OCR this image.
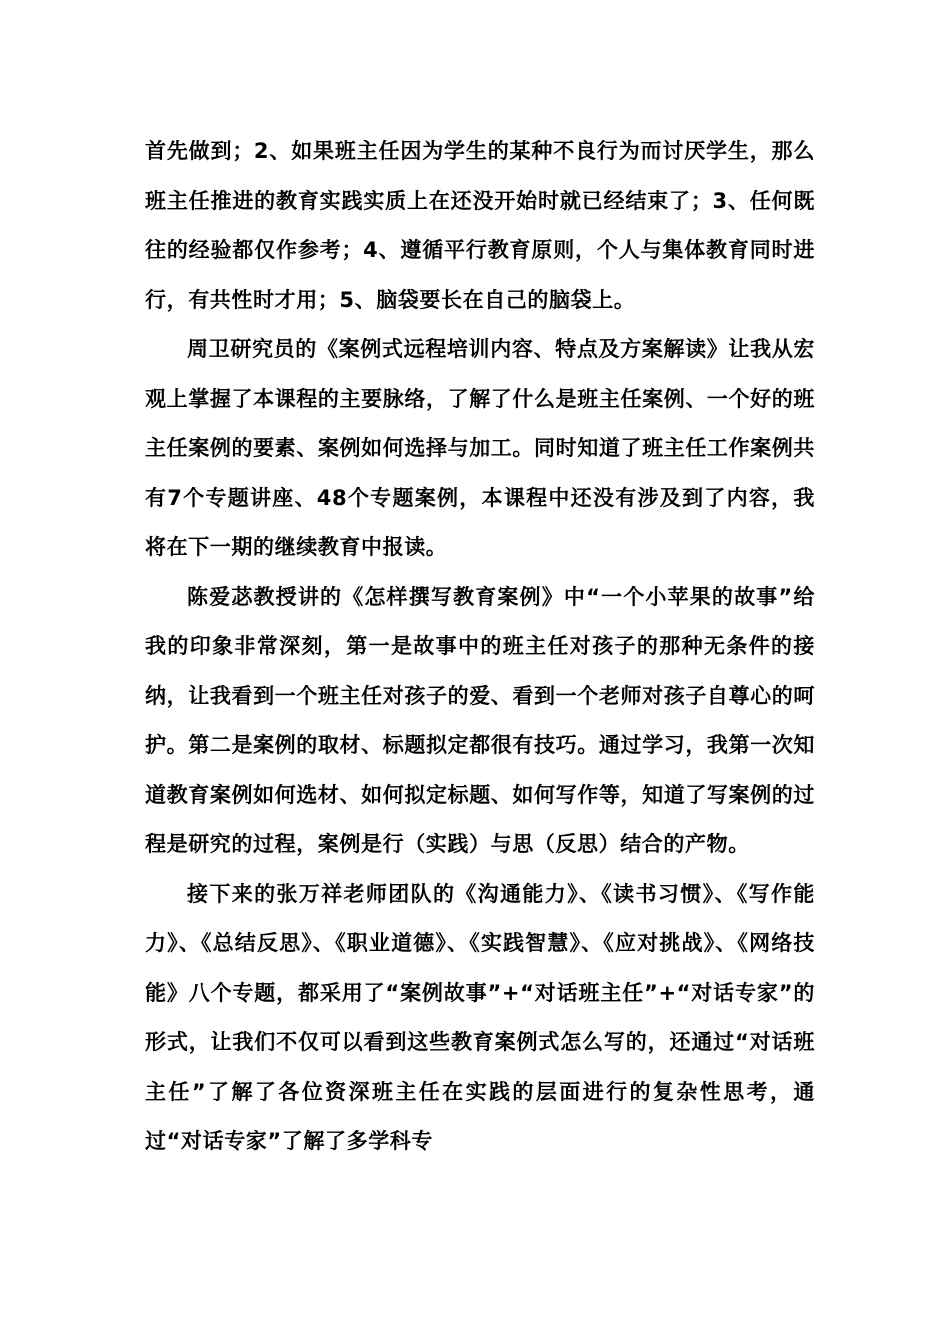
首先做到；2、如果班主任因为学生的某种不良行为而讨厌学生，那么班主任推进的教育实践实质上在还没开始时就已经结束了；3、任何既往的经验都仅作参考；4、遵循平行教育原则，个人与集体教育同时进行，有共性时才用；5、脑袋要长在自己的脑袋上。

周卫研究员的《案例式远程培训内容、特点及方案解读》让我从宏观上掌握了本课程的主要脉络，了解了什么是班主任案例、一个好的班主任案例的要素、案例如何选择与加工。同时知道了班主任工作案例共有7个专题讲座、48个专题案例，本课程中还没有涉及到了内容，我将在下一期的继续教育中报读。

陈爱苾教授讲的《怎样撰写教育案例》中“一个小苹果的故事”给我的印象非常深刻，第一是故事中的班主任对孩子的那种无条件的接纳，让我看到一个班主任对孩子的爱、看到一个老师对孩子自尊心的呵护。第二是案例的取材、标题拟定都很有技巧。通过学习，我第一次知道教育案例如何选材、如何拟定标题、如何写作等，知道了写案例的过程是研究的过程，案例是行（实践）与思（反思）结合的产物。

接下来的张万祥老师团队的《沟通能力》、《读书习惯》、《写作能力》、《总结反思》、《职业道德》、《实践智慧》、《应对挑战》、《网络技能》八个专题，都采用了“案例故事”+“对话班主任”+“对话专家”的形式，让我们不仅可以看到这些教育案例式怎么写的，还通过“对话班主任”了解了各位资深班主任在实践的层面进行的复杂性思考，通过“对话专家”了解了多学科专
